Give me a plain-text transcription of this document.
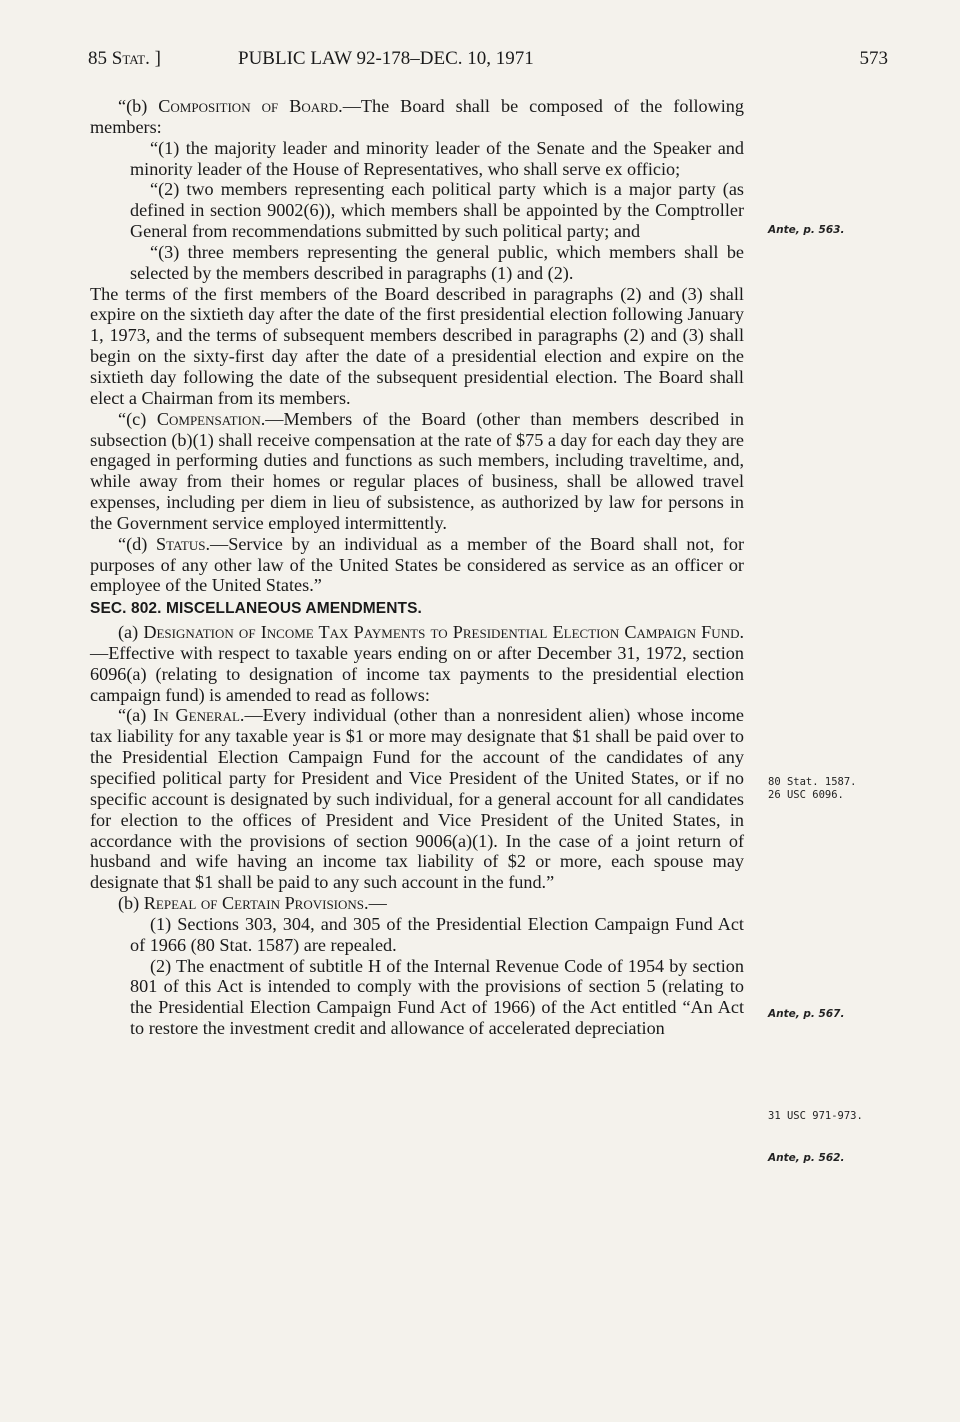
85 Stat. ]	PUBLIC LAW 92-178–DEC. 10, 1971	573

“(b) Composition of Board.—The Board shall be composed of the following members:

“(1) the majority leader and minority leader of the Senate and the Speaker and minority leader of the House of Representatives, who shall serve ex officio;

“(2) two members representing each political party which is a major party (as defined in section 9002(6)), which members shall be appointed by the Comptroller General from recommendations submitted by such political party; and

“(3) three members representing the general public, which members shall be selected by the members described in paragraphs (1) and (2).

The terms of the first members of the Board described in paragraphs (2) and (3) shall expire on the sixtieth day after the date of the first presidential election following January 1, 1973, and the terms of subsequent members described in paragraphs (2) and (3) shall begin on the sixty-first day after the date of a presidential election and expire on the sixtieth day following the date of the subsequent presidential election. The Board shall elect a Chairman from its members.

“(c) Compensation.—Members of the Board (other than members described in subsection (b)(1) shall receive compensation at the rate of $75 a day for each day they are engaged in performing duties and functions as such members, including traveltime, and, while away from their homes or regular places of business, shall be allowed travel expenses, including per diem in lieu of subsistence, as authorized by law for persons in the Government service employed intermittently.

“(d) Status.—Service by an individual as a member of the Board shall not, for purposes of any other law of the United States be considered as service as an officer or employee of the United States.”

SEC. 802. MISCELLANEOUS AMENDMENTS.

(a) Designation of Income Tax Payments to Presidential Election Campaign Fund.—Effective with respect to taxable years ending on or after December 31, 1972, section 6096(a) (relating to designation of income tax payments to the presidential election campaign fund) is amended to read as follows:

“(a) In General.—Every individual (other than a nonresident alien) whose income tax liability for any taxable year is $1 or more may designate that $1 shall be paid over to the Presidential Election Campaign Fund for the account of the candidates of any specified political party for President and Vice President of the United States, or if no specific account is designated by such individual, for a general account for all candidates for election to the offices of President and Vice President of the United States, in accordance with the provisions of section 9006(a)(1). In the case of a joint return of husband and wife having an income tax liability of $2 or more, each spouse may designate that $1 shall be paid to any such account in the fund.”

(b) Repeal of Certain Provisions.—

(1) Sections 303, 304, and 305 of the Presidential Election Campaign Fund Act of 1966 (80 Stat. 1587) are repealed.

(2) The enactment of subtitle H of the Internal Revenue Code of 1954 by section 801 of this Act is intended to comply with the provisions of section 5 (relating to the Presidential Election Campaign Fund Act of 1966) of the Act entitled “An Act to restore the investment credit and allowance of accelerated depreciation

Ante, p. 563.
80 Stat. 1587.
26 USC 6096.
Ante, p. 567.
31 USC 971-973.
Ante, p. 562.
